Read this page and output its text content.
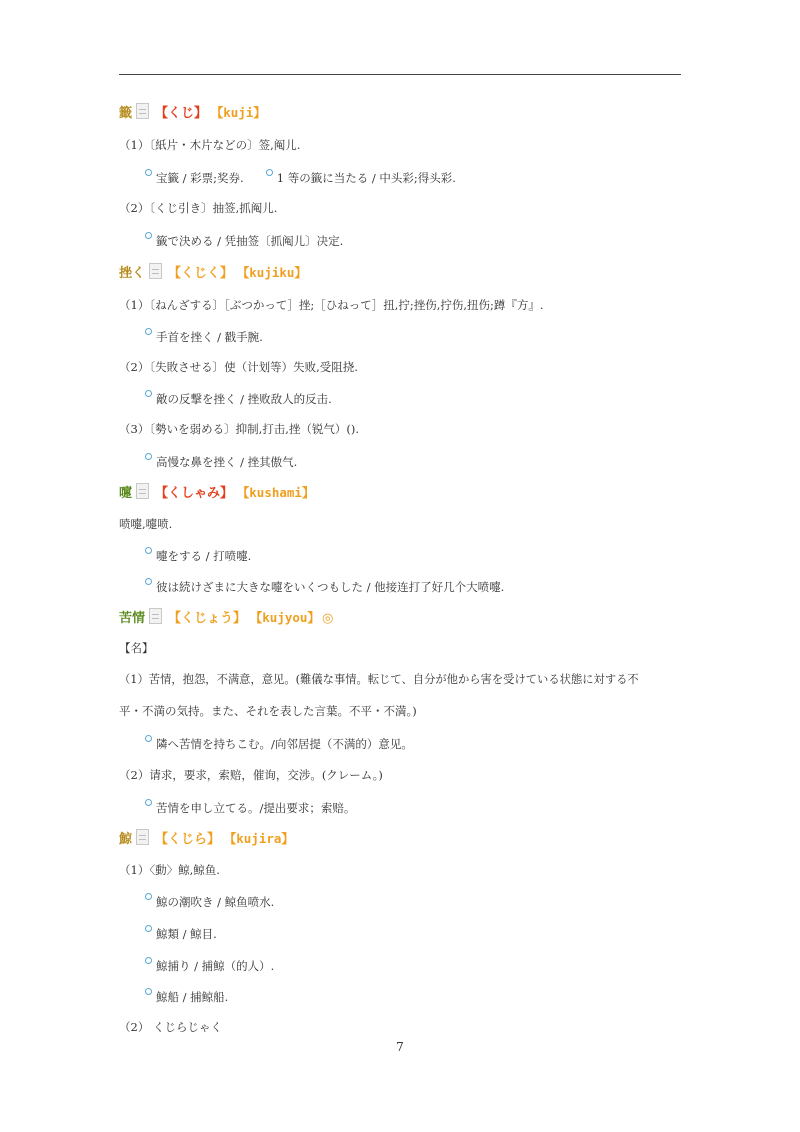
籤 【くじ】 【kuji】
（1）〔紙片・木片などの〕签,阄儿.
宝籤 / 彩票;奖券.	1 等の籤に当たる / 中头彩;得头彩.
（2）〔くじ引き〕抽签,抓阄儿.
籤で決める / 凭抽签〔抓阄儿〕决定.
挫く 【くじく】 【kujiku】
（1）〔ねんざする〕［ぶつかって］挫;［ひねって］扭,拧;挫伤,拧伤,扭伤;蹲『方』.
手首を挫く / 戳手腕.
（2）〔失敗させる〕使（计划等）失败,受阻挠.
敵の反撃を挫く / 挫败敌人的反击.
（3）〔勢いを弱める〕抑制,打击,挫（锐气）().
高慢な鼻を挫く / 挫其傲气.
嚔 【くしゃみ】 【kushami】
喷嚏,嚏喷.
嚏をする / 打喷嚏.
彼は続けざまに大きな嚏をいくつもした / 他接连打了好几个大喷嚏.
苦情 【くじょう】 【kujyou】 ◎
【名】
（1）苦情，抱怨，不满意，意见。(難儀な事情。転じて、自分が他から害を受けている状態に対する不
平・不満の気持。また、それを表した言葉。不平・不満。)
隣へ苦情を持ちこむ。/向邻居提（不满的）意见。
（2）请求，要求，索赔，催询，交涉。(クレーム。)
苦情を申し立てる。/提出要求；索赔。
鯨 【くじら】 【kujira】
（1）〈動〉鲸,鲸鱼.
鯨の潮吹き / 鲸鱼喷水.
鯨類 / 鲸目.
鯨捕り / 捕鲸（的人）.
鯨船 / 捕鲸船.
（2） くじらじゃく
7
